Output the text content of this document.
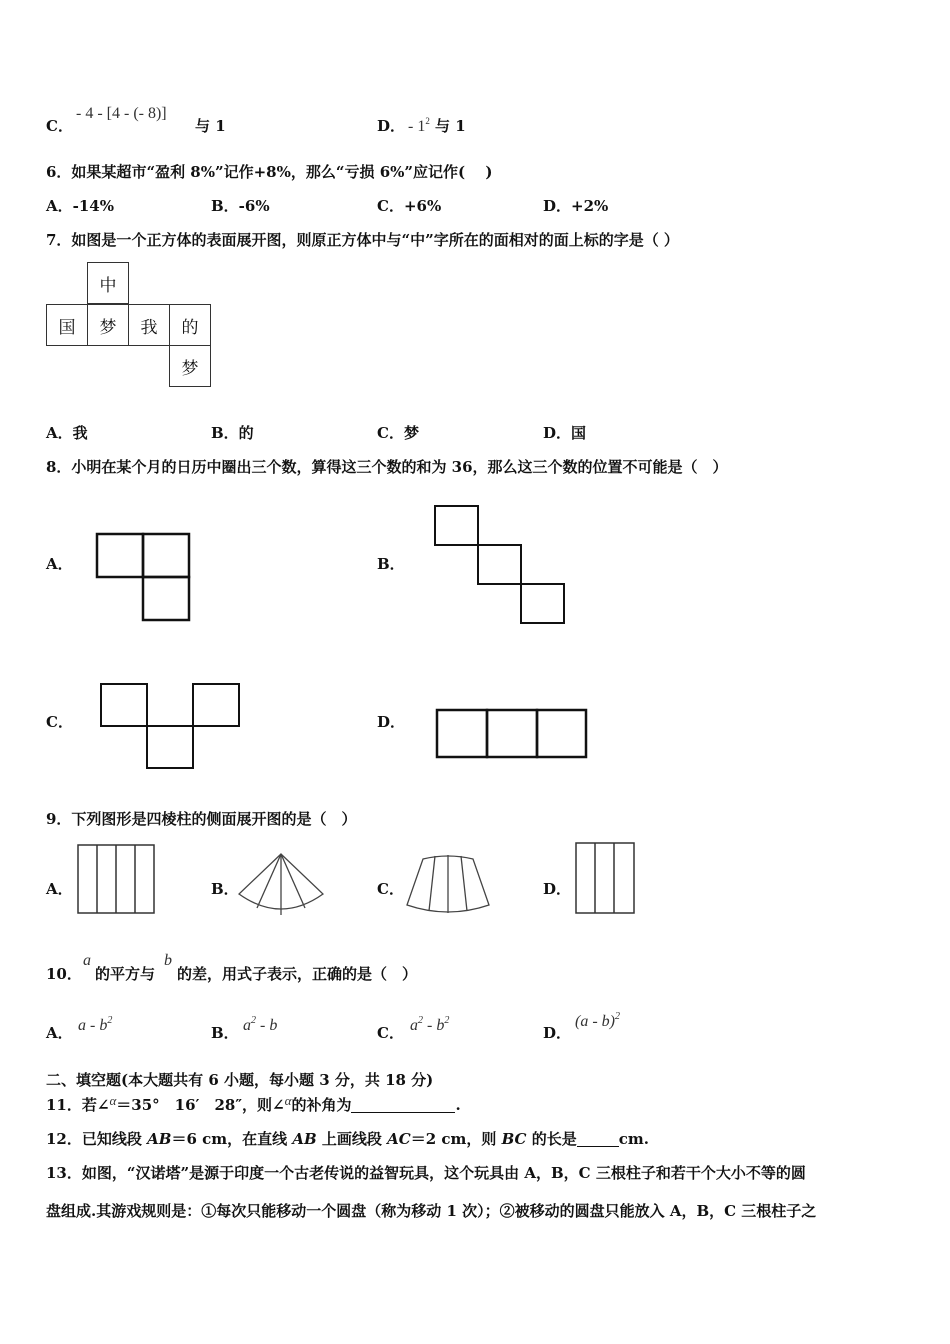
C．
- 4 - [4 - (- 8)]
与 1	D． - $1^2$ 与 1
6．如果某超市“盈利 8%”记作+8%，那么“亏损 6%”应记作(　 )
A．-14%	B．-6%	C．+6%	D．+2%
7．如图是一个正方体的表面展开图，则原正方体中与“中”字所在的面相对的面上标的字是（ ）
中
国	梦	我	的
梦
A．我	B．的	C．梦	D．国
8．小明在某个月的日历中圈出三个数，算得这三个数的和为 36，那么这三个数的位置不可能是（　）
A．	B．
C．	D．
9．下列图形是四棱柱的侧面展开图的是（　）
A．	B．	C．	D．
10．
a
的平方与
b
的差，用式子表示，正确的是（　）
A． a - $b^2$
B． $a^2$ - b	C． $a^2 - b^2$
D．
(a - b)$^2$
二、填空题(本大题共有 6 小题，每小题 3 分，共 18 分)
11．若∠α＝35°　16′　28″，则∠α的补角为	.
12．已知线段 AB＝6 cm，在直线 AB 上画线段 AC＝2 cm，则 BC 的长是	cm.
13．如图，“汉诺塔”是源于印度一个古老传说的益智玩具，这个玩具由 A，B，C 三根柱子和若干个大小不等的圆
盘组成.其游戏规则是：①每次只能移动一个圆盘（称为移动 1 次）；②被移动的圆盘只能放入 A，B，C 三根柱子之
